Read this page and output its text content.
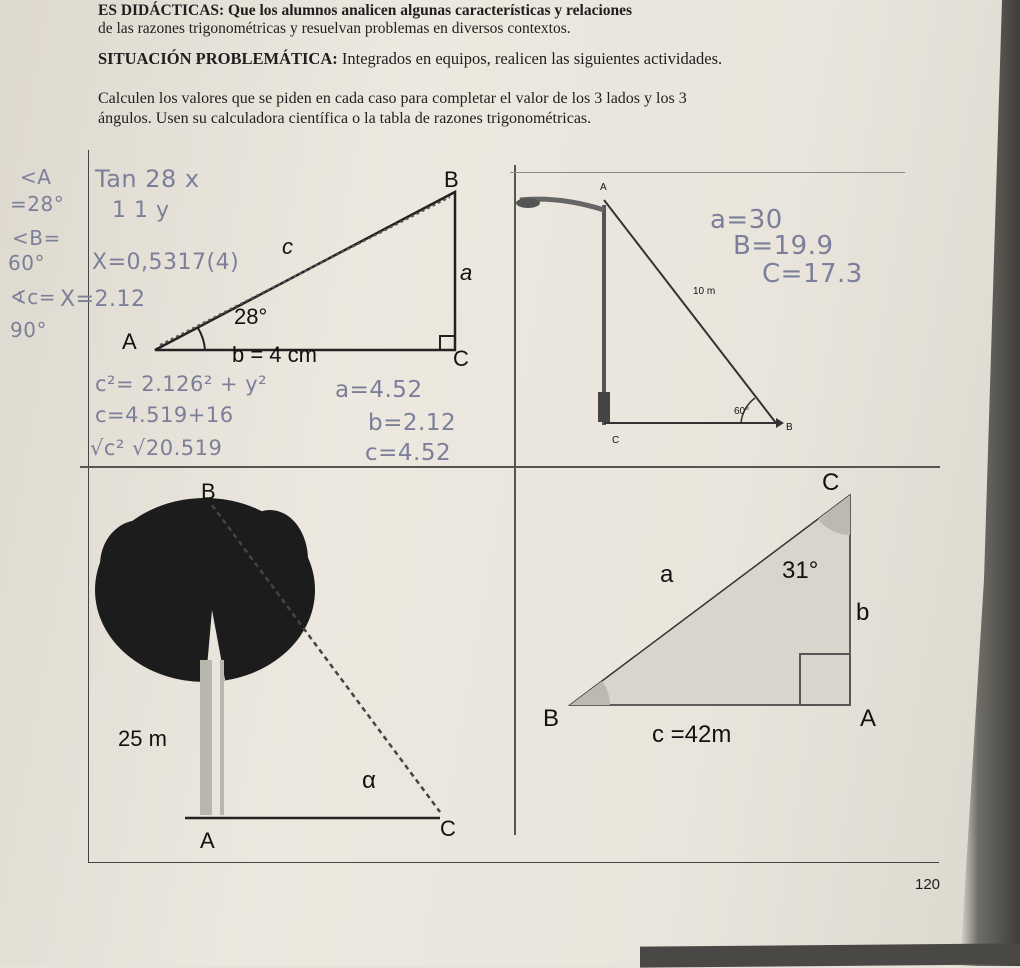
ES DIDÁCTICAS: Que los alumnos analicen algunas características y relaciones
de las razones trigonométricas y resuelvan problemas en diversos contextos.
SITUACIÓN PROBLEMÁTICA: Integrados en equipos, realicen las siguientes actividades.
Calculen los valores que se piden en cada caso para completar el valor de los 3 lados y los 3
ángulos. Usen su calculadora científica o la tabla de razones trigonométricas.
A
B
C
a
c
b = 4 cm
28°
A
B
C
10 m
60°
B
A	C
25 m
α
C
B	A
a
b
c =42m
31°
<A
=28°
<B=
60°
∢c=
90°
Tan 28 x
1 1 y
X=0,5317(4)
X=2.12
c²= 2.126² + y²
c=4.519+16
√c² √20.519
a=4.52
b=2.12
c=4.52
a=30
B=19.9
C=17.3
120
